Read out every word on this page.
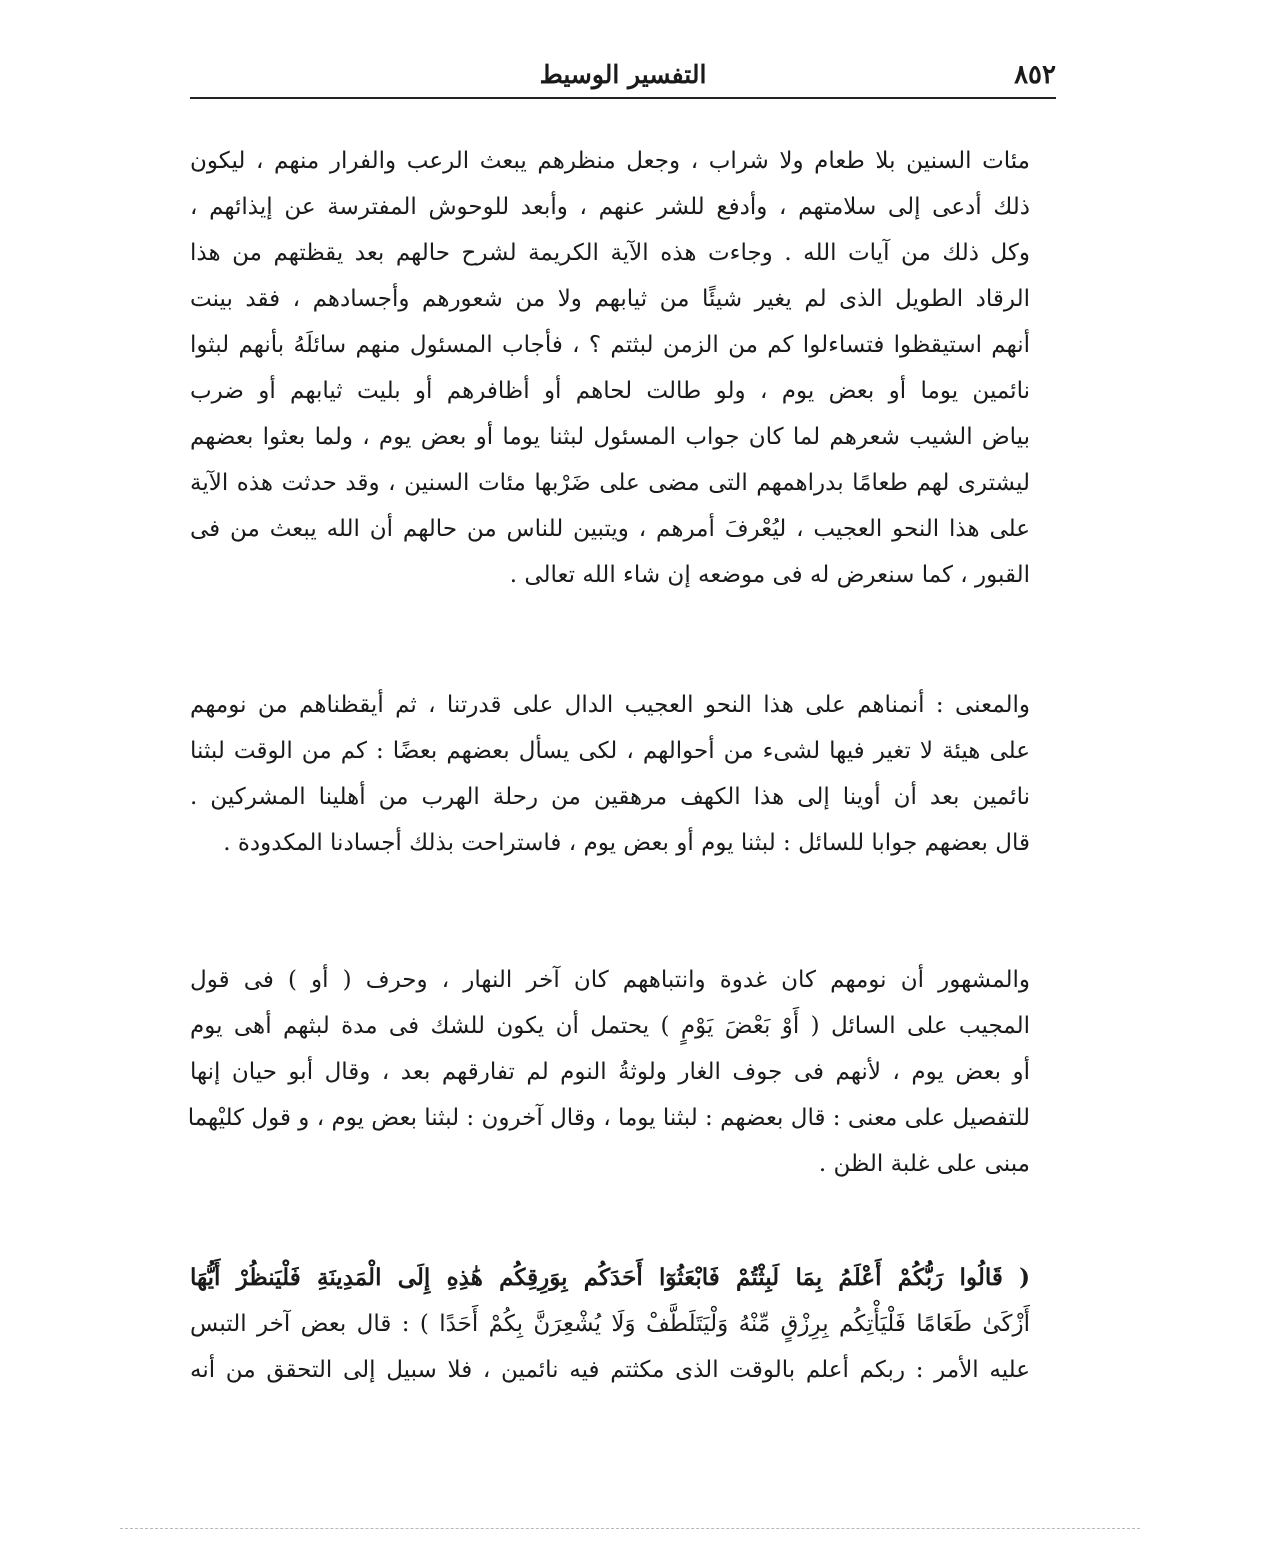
٨٥٢
التفسير الوسيط
مئات السنين بلا طعام ولا شراب ، وجعل منظرهم يبعث الرعب والفرار منهم ، ليكون
ذلك أدعى إلى سلامتهم ، وأدفع للشر عنهم ، وأبعد للوحوش المفترسة عن إيذائهم ،
وكل ذلك من آيات الله . وجاءت هذه الآية الكريمة لشرح حالهم بعد يقظتهم من هذا
الرقاد الطويل الذى لم يغير شيئًا من ثيابهم ولا من شعورهم وأجسادهم ، فقد بينت
أنهم استيقظوا فتساءلوا كم من الزمن لبثتم ؟ ، فأجاب المسئول منهم سائلَهُ بأنهم لبثوا
نائمين يوما أو بعض يوم ، ولو طالت لحاهم أو أظافرهم أو بليت ثيابهم أو ضرب
بياض الشيب شعرهم لما كان جواب المسئول لبثنا يوما أو بعض يوم ، ولما بعثوا بعضهم
ليشترى لهم طعامًا بدراهمهم التى مضى على ضَرْبها مئات السنين ، وقد حدثت هذه الآية
على هذا النحو العجيب ، ليُعْرفَ أمرهم ، ويتبين للناس من حالهم أن الله يبعث من فى
القبور ، كما سنعرض له فى موضعه إن شاء الله تعالى .
والمعنى : أنمناهم على هذا النحو العجيب الدال على قدرتنا ، ثم أيقظناهم من نومهم
على هيئة لا تغير فيها لشىء من أحوالهم ، لكى يسأل بعضهم بعضًا : كم من الوقت لبثنا
نائمين بعد أن أوينا إلى هذا الكهف مرهقين من رحلة الهرب من أهلينا المشركين .
قال بعضهم جوابا للسائل : لبثنا يوم أو بعض يوم ، فاستراحت بذلك أجسادنا المكدودة .
والمشهور أن نومهم كان غدوة وانتباههم كان آخر النهار ، وحرف ( أو ) فى قول
المجيب على السائل ( أَوْ بَعْضَ يَوْمٍ ) يحتمل أن يكون للشك فى مدة لبثهم أهى يوم
أو بعض يوم ، لأنهم فى جوف الغار ولوثةُ النوم لم تفارقهم بعد ، وقال أبو حيان إنها
للتفصيل على معنى : قال بعضهم : لبثنا يوما ، وقال آخرون : لبثنا بعض يوم ، و قول كليْهما
مبنى على غلبة الظن .
( قَالُوا رَبُّكُمْ أَعْلَمُ بِمَا لَبِثْتُمْ فَابْعَثُوٓا أَحَدَكُم بِوَرِقِكُم هَٰذِهِ إِلَى الْمَدِينَةِ فَلْيَنظُرْ أَيُّهَا
أَزْكَىٰ طَعَامًا فَلْيَأْتِكُم بِرِزْقٍ مِّنْهُ وَلْيَتَلَطَّفْ وَلَا يُشْعِرَنَّ بِكُمْ أَحَدًا ) : قال بعض آخر التبس
عليه الأمر : ربكم أعلم بالوقت الذى مكثتم فيه نائمين ، فلا سبيل إلى التحقق من أنه
